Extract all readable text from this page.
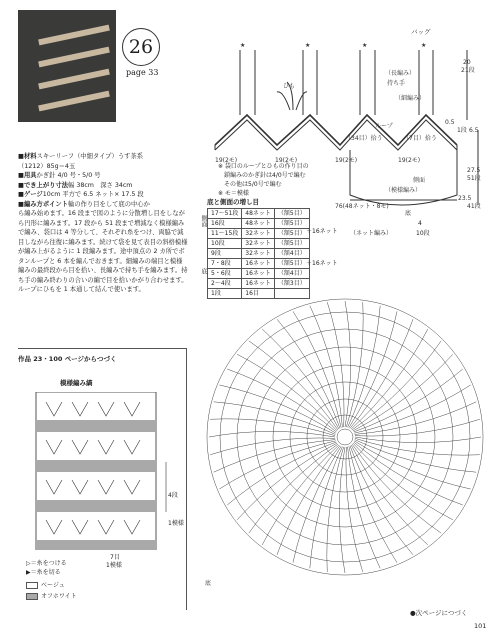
26
page 33
■材料スキーリーフ（中細タイプ）うす茶系
（1212）85g＝4玉
■用具かぎ針 4/0 号・5/0 号
■でき上がり寸法幅 38cm　深さ 34cm
■ゲージ10cm 平方で 6.5 ネット× 17.5 段
■編み方ポイント輪の作り目をして底の中心か

ら編み始めます。16 段まで図のように分散増し目をしながら円形に編みます。17 段から 51 段まで増減なく模様編みで編み、袋口は 4 等分して、それぞれ糸をつけ、両脇で減目しながら往復に編みます。続けて袋を見て表目の斜格模様が編み上がるように 1 段編みます。途中頂点の 2 カ所でボタンループと 6 本を編んでおきます。細編みの端目と模様編みの最終段から目を拾い、長編みで持ち手を編みます。持ち手の編み終わりの合いの編で目を拾いかがり合わせます。ループにひもを 1 本通して結んで使います。

バッグ
★	★	★	★
（長編み）
持ち手
ひも
（細編み）
ループ
（34目）拾う	（7目）拾う
19(2モ)	19(2モ)	19(2モ)	19(2モ)
側面
（模様編み）
76(48ネット・8モ)
20
21段
0.5
1段 6.5
27.5
51段
23.5
41段
※ 袋口のループとひもの作り目の
　鎖編みのかぎ針は4/0号で編む
　その他は5/0号で編む
※ モ＝模様
底
（ネット編み）
4
10段
底と側面の増し目
17〜51段	48ネット	（額5目）
16段	48ネット	（額5目）
11〜15段	32ネット	（額5目）
10段	32ネット	（額5目）
9段	32ネット	（額4目）
7・8段	16ネット	（額5目）
5・6段	16ネット	（額4目）
2〜4段	16ネット	（額3目）
1段	16目	
＋16ネット
＋16ネット
側面
底
作品 23・100 ページからつづく
模様編み縞
4段
1模様
7目
1模様
▷＝糸をつける
▶＝糸を切る
ベージュ
オフホワイト
底
●次ページにつづく
101
